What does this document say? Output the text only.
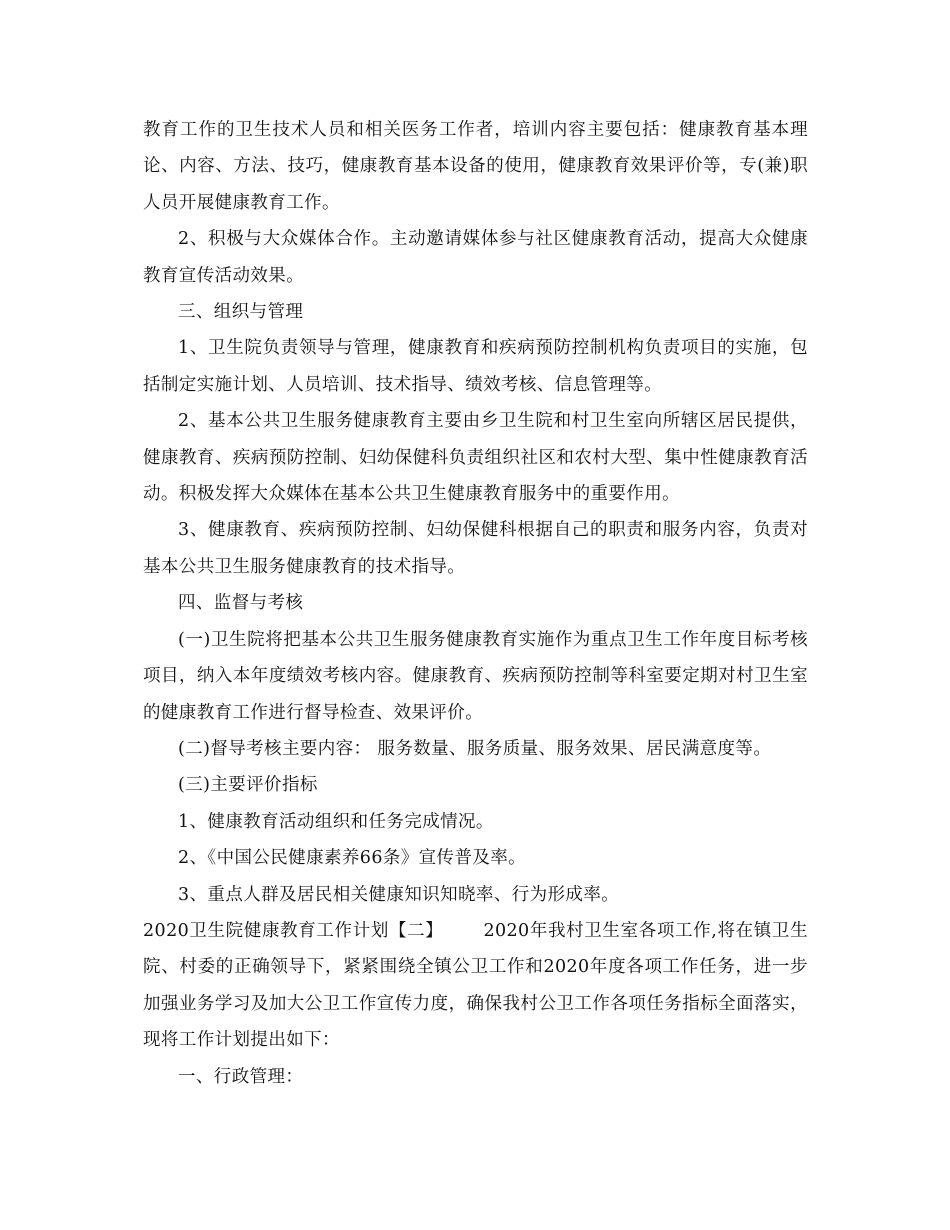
教育工作的卫生技术人员和相关医务工作者，培训内容主要包括：健康教育基本理论、内容、方法、技巧，健康教育基本设备的使用，健康教育效果评价等，专(兼)职人员开展健康教育工作。

2、积极与大众媒体合作。主动邀请媒体参与社区健康教育活动，提高大众健康教育宣传活动效果。

三、组织与管理

1、卫生院负责领导与管理，健康教育和疾病预防控制机构负责项目的实施，包括制定实施计划、人员培训、技术指导、绩效考核、信息管理等。

2、基本公共卫生服务健康教育主要由乡卫生院和村卫生室向所辖区居民提供，健康教育、疾病预防控制、妇幼保健科负责组织社区和农村大型、集中性健康教育活动。积极发挥大众媒体在基本公共卫生健康教育服务中的重要作用。

3、健康教育、疾病预防控制、妇幼保健科根据自己的职责和服务内容，负责对基本公共卫生服务健康教育的技术指导。

四、监督与考核

(一)卫生院将把基本公共卫生服务健康教育实施作为重点卫生工作年度目标考核项目，纳入本年度绩效考核内容。健康教育、疾病预防控制等科室要定期对村卫生室的健康教育工作进行督导检查、效果评价。

(二)督导考核主要内容： 服务数量、服务质量、服务效果、居民满意度等。

(三)主要评价指标

1、健康教育活动组织和任务完成情况。

2、《中国公民健康素养66条》宣传普及率。

3、重点人群及居民相关健康知识知晓率、行为形成率。

2020卫生院健康教育工作计划【二】 2020年我村卫生室各项工作,将在镇卫生院、村委的正确领导下，紧紧围绕全镇公卫工作和2020年度各项工作任务，进一步加强业务学习及加大公卫工作宣传力度，确保我村公卫工作各项任务指标全面落实，现将工作计划提出如下：

一、行政管理：
